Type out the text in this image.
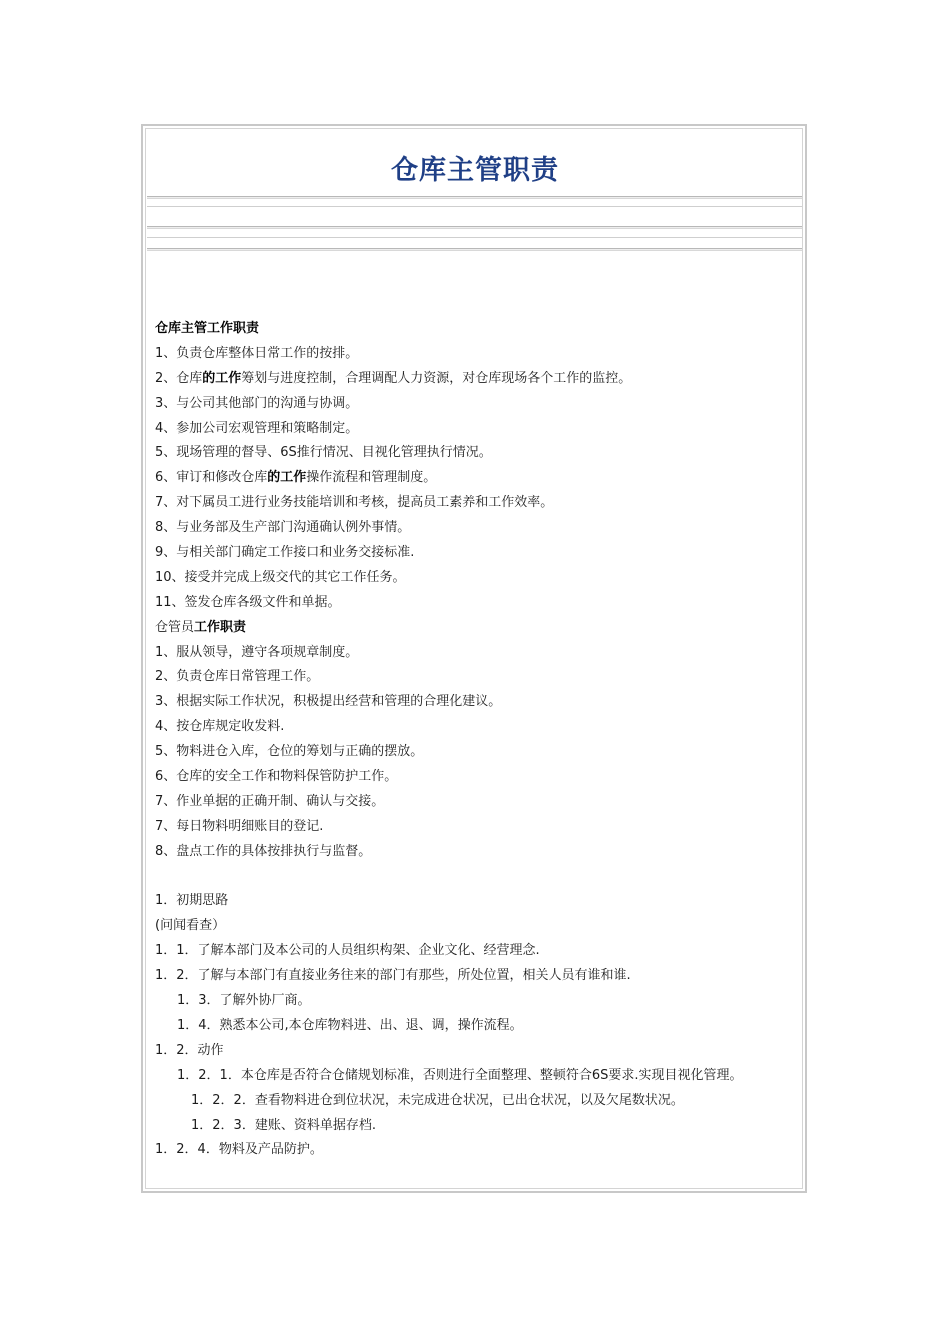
仓库主管职责
仓库主管工作职责
1、负责仓库整体日常工作的按排。
2、仓库的工作筹划与进度控制，合理调配人力资源，对仓库现场各个工作的监控。
3、与公司其他部门的沟通与协调。
4、参加公司宏观管理和策略制定。
5、现场管理的督导、6S推行情况、目视化管理执行情况。
6、审订和修改仓库的工作操作流程和管理制度。
7、对下属员工进行业务技能培训和考核，提高员工素养和工作效率。
8、与业务部及生产部门沟通确认例外事情。
9、与相关部门确定工作接口和业务交接标准.
10、接受并完成上级交代的其它工作任务。
11、签发仓库各级文件和单据。
仓管员工作职责
1、服从领导，遵守各项规章制度。
2、负责仓库日常管理工作。
3、根据实际工作状况，积极提出经营和管理的合理化建议。
4、按仓库规定收发料.
5、物料进仓入库，仓位的筹划与正确的摆放。
6、仓库的安全工作和物料保管防护工作。
7、作业单据的正确开制、确认与交接。
7、每日物料明细账目的登记.
8、盘点工作的具体按排执行与监督。
1．初期思路
(问闻看查）
1．1．了解本部门及本公司的人员组织构架、企业文化、经营理念.
1．2．了解与本部门有直接业务往来的部门有那些，所处位置，相关人员有谁和谁.
1．3．了解外协厂商。
1．4．熟悉本公司,本仓库物料进、出、退、调，操作流程。
1．2．动作
1．2．1．本仓库是否符合仓储规划标准，否则进行全面整理、整顿符合6S要求.实现目视化管理。
1．2．2．查看物料进仓到位状况，未完成进仓状况，已出仓状况，以及欠尾数状况。
1．2．3．建账、资料单据存档.
1．2．4．物料及产品防护。
